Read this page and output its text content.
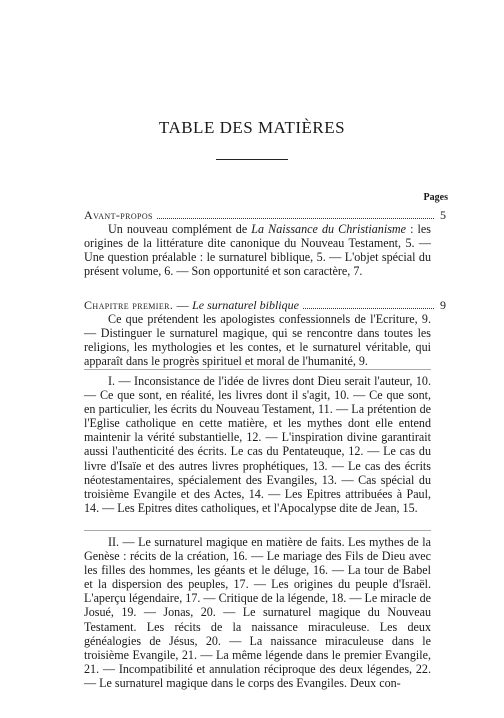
TABLE DES MATIÈRES
Pages
Avant-propos	5

Un nouveau complément de La Naissance du Christianisme : les origines de la littérature dite canonique du Nouveau Testament, 5. — Une question préalable : le surnaturel biblique, 5. — L'objet spécial du présent volume, 6. — Son opportunité et son caractère, 7.

Chapitre premier. — Le surnaturel biblique	9

Ce que prétendent les apologistes confessionnels de l'Ecriture, 9. — Distinguer le surnaturel magique, qui se rencontre dans toutes les religions, les mythologies et les contes, et le surnaturel véritable, qui apparaît dans le progrès spirituel et moral de l'humanité, 9.

I. — Inconsistance de l'idée de livres dont Dieu serait l'auteur, 10. — Ce que sont, en réalité, les livres dont il s'agit, 10. — Ce que sont, en particulier, les écrits du Nouveau Testament, 11. — La prétention de l'Eglise catholique en cette matière, et les mythes dont elle entend maintenir la vérité substantielle, 12. — L'inspiration divine garantirait aussi l'authenticité des écrits. Le cas du Pentateuque, 12. — Le cas du livre d'Isaïe et des autres livres prophétiques, 13. — Le cas des écrits néotestamentaires, spécialement des Evangiles, 13. — Cas spécial du troisième Evangile et des Actes, 14. — Les Epitres attribuées à Paul, 14. — Les Epitres dites catholiques, et l'Apocalypse dite de Jean, 15.

II. — Le surnaturel magique en matière de faits. Les mythes de la Genèse : récits de la création, 16. — Le mariage des Fils de Dieu avec les filles des hommes, les géants et le déluge, 16. — La tour de Babel et la dispersion des peuples, 17. — Les origines du peuple d'Israël. L'aperçu légendaire, 17. — Critique de la légende, 18. — Le miracle de Josué, 19. — Jonas, 20. — Le surnaturel magique du Nouveau Testament. Les récits de la naissance miraculeuse. Les deux généalogies de Jésus, 20. — La naissance miraculeuse dans le troisième Evangile, 21. — La même légende dans le premier Evangile, 21. — Incompatibilité et annulation réciproque des deux légendes, 22. — Le surnaturel magique dans le corps des Evangiles. Deux con-
